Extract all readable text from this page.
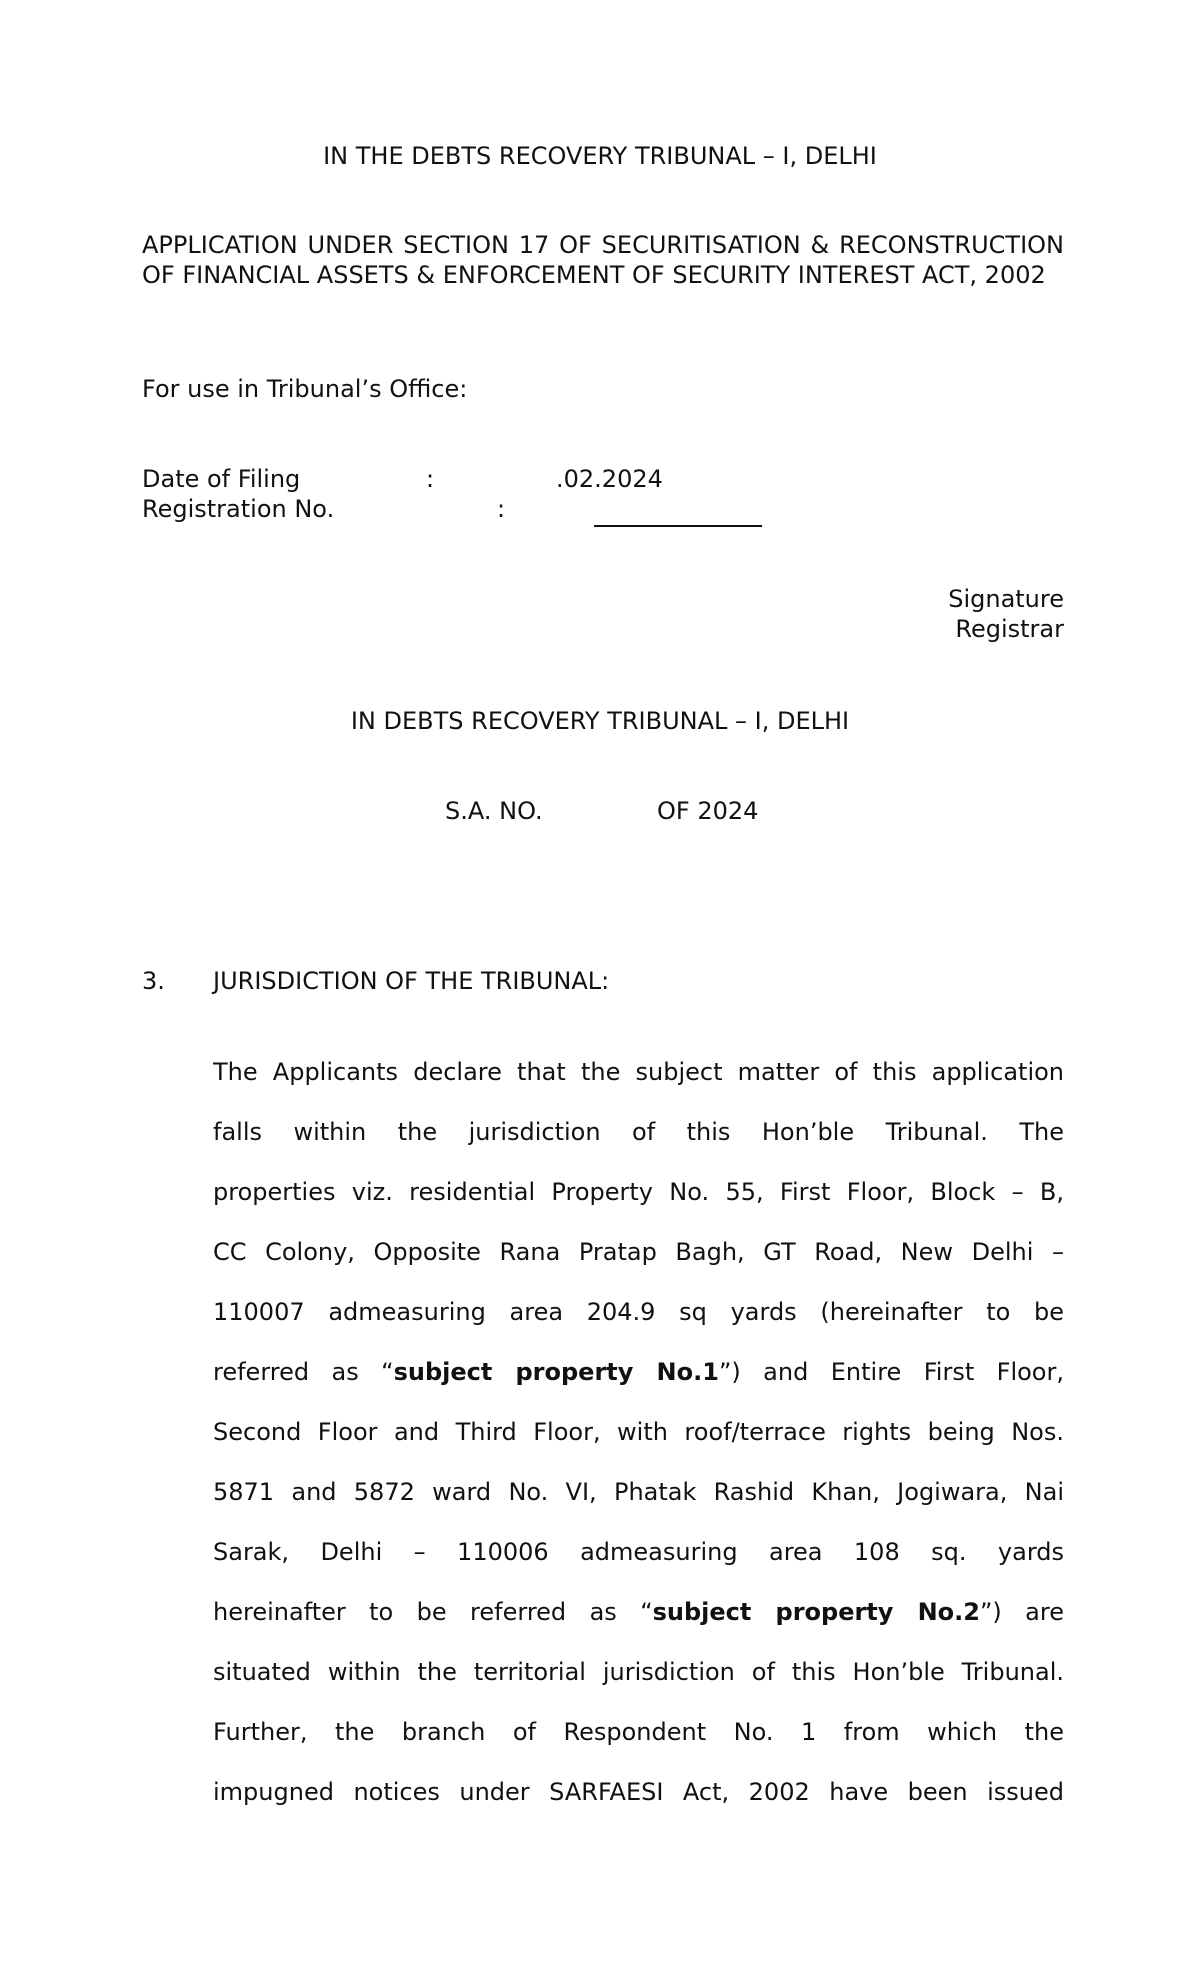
IN THE DEBTS RECOVERY TRIBUNAL – I, DELHI

APPLICATION UNDER SECTION 17 OF SECURITISATION & RECONSTRUCTION OF FINANCIAL ASSETS & ENFORCEMENT OF SECURITY INTEREST ACT, 2002

For use in Tribunal’s Office:

Date of Filing	:	.02.2024

Registration No.	:

Signature

Registrar

IN DEBTS RECOVERY TRIBUNAL – I, DELHI

S.A. NO.	OF 2024

3. JURISDICTION OF THE TRIBUNAL:

The Applicants declare that the subject matter of this application

falls within the jurisdiction of this Hon’ble Tribunal. The

properties viz. residential Property No. 55, First Floor, Block – B,

CC Colony, Opposite Rana Pratap Bagh, GT Road, New Delhi –

110007 admeasuring area 204.9 sq yards (hereinafter to be

referred as “subject property No.1”) and Entire First Floor,

Second Floor and Third Floor, with roof/terrace rights being Nos.

5871 and 5872 ward No. VI, Phatak Rashid Khan, Jogiwara, Nai

Sarak, Delhi – 110006 admeasuring area 108 sq. yards

hereinafter to be referred as “subject property No.2”) are

situated within the territorial jurisdiction of this Hon’ble Tribunal.

Further, the branch of Respondent No. 1 from which the

impugned notices under SARFAESI Act, 2002 have been issued
